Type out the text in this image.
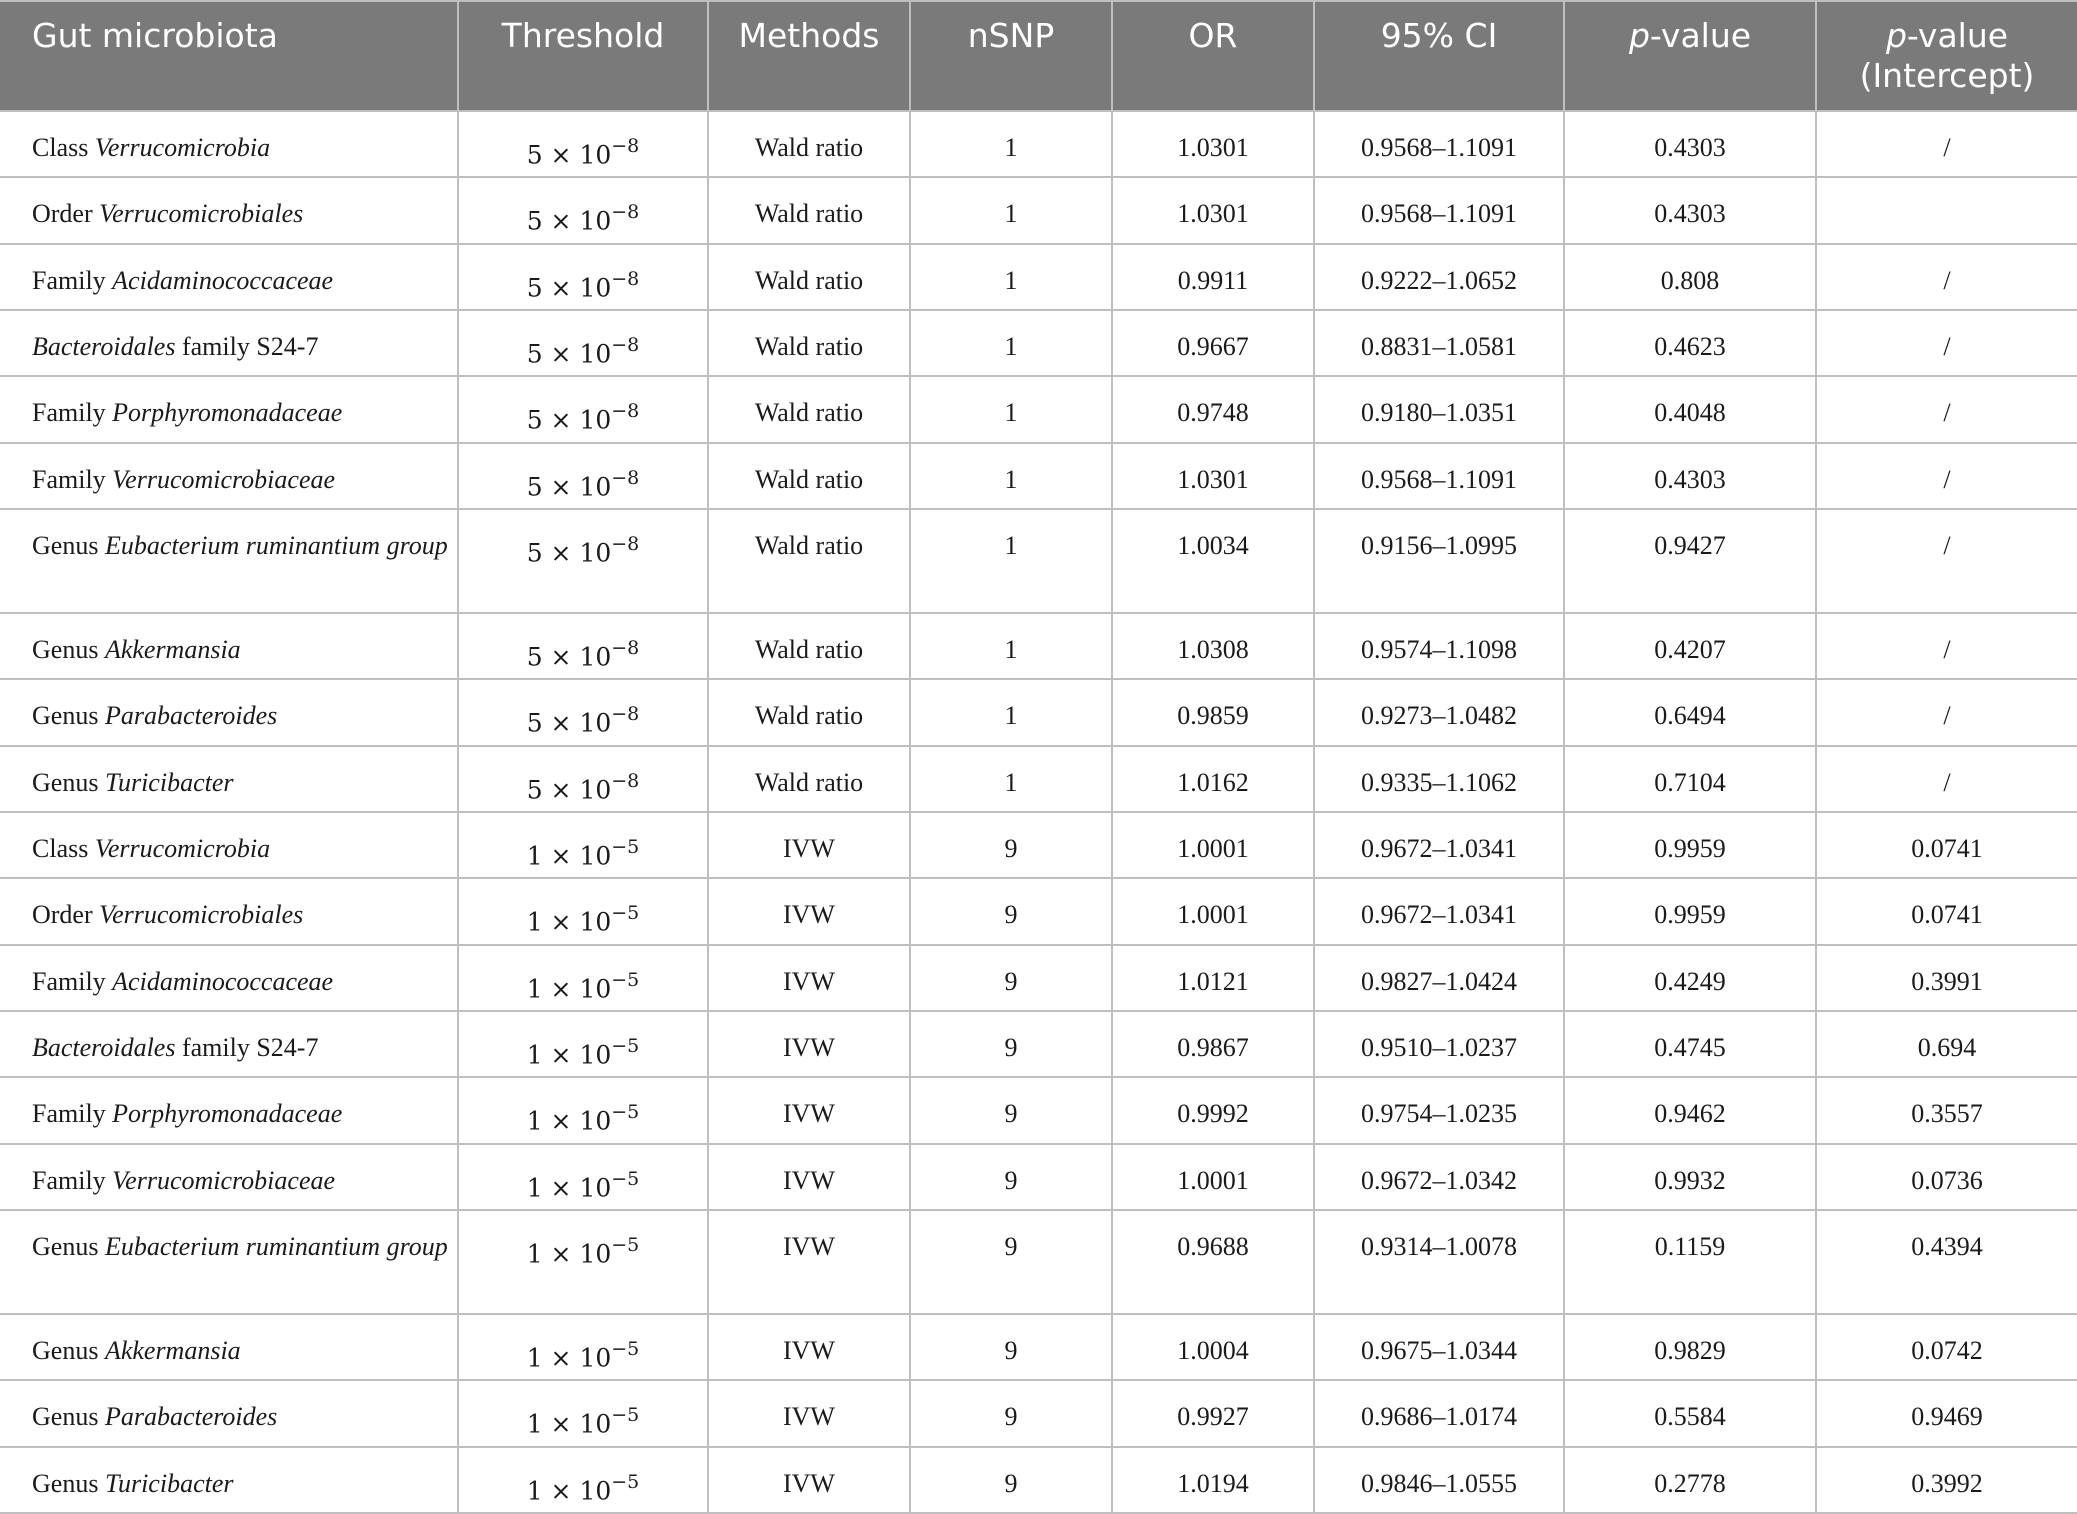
Gut microbiota	Threshold	Methods	nSNP	OR	95% CI	p-value	p-value (Intercept)
Class Verrucomicrobia	$5 \times 10^{-8}$	Wald ratio	1	1.0301	0.9568–1.1091	0.4303	/
Order Verrucomicrobiales	$5 \times 10^{-8}$	Wald ratio	1	1.0301	0.9568–1.1091	0.4303	
Family Acidaminococcaceae	$5 \times 10^{-8}$	Wald ratio	1	0.9911	0.9222–1.0652	0.808	/
Bacteroidales family S24-7	$5 \times 10^{-8}$	Wald ratio	1	0.9667	0.8831–1.0581	0.4623	/
Family Porphyromonadaceae	$5 \times 10^{-8}$	Wald ratio	1	0.9748	0.9180–1.0351	0.4048	/
Family Verrucomicrobiaceae	$5 \times 10^{-8}$	Wald ratio	1	1.0301	0.9568–1.1091	0.4303	/
Genus Eubacterium ruminantium group	$5 \times 10^{-8}$	Wald ratio	1	1.0034	0.9156–1.0995	0.9427	/
Genus Akkermansia	$5 \times 10^{-8}$	Wald ratio	1	1.0308	0.9574–1.1098	0.4207	/
Genus Parabacteroides	$5 \times 10^{-8}$	Wald ratio	1	0.9859	0.9273–1.0482	0.6494	/
Genus Turicibacter	$5 \times 10^{-8}$	Wald ratio	1	1.0162	0.9335–1.1062	0.7104	/
Class Verrucomicrobia	$1 \times 10^{-5}$	IVW	9	1.0001	0.9672–1.0341	0.9959	0.0741
Order Verrucomicrobiales	$1 \times 10^{-5}$	IVW	9	1.0001	0.9672–1.0341	0.9959	0.0741
Family Acidaminococcaceae	$1 \times 10^{-5}$	IVW	9	1.0121	0.9827–1.0424	0.4249	0.3991
Bacteroidales family S24-7	$1 \times 10^{-5}$	IVW	9	0.9867	0.9510–1.0237	0.4745	0.694
Family Porphyromonadaceae	$1 \times 10^{-5}$	IVW	9	0.9992	0.9754–1.0235	0.9462	0.3557
Family Verrucomicrobiaceae	$1 \times 10^{-5}$	IVW	9	1.0001	0.9672–1.0342	0.9932	0.0736
Genus Eubacterium ruminantium group	$1 \times 10^{-5}$	IVW	9	0.9688	0.9314–1.0078	0.1159	0.4394
Genus Akkermansia	$1 \times 10^{-5}$	IVW	9	1.0004	0.9675–1.0344	0.9829	0.0742
Genus Parabacteroides	$1 \times 10^{-5}$	IVW	9	0.9927	0.9686–1.0174	0.5584	0.9469
Genus Turicibacter	$1 \times 10^{-5}$	IVW	9	1.0194	0.9846–1.0555	0.2778	0.3992
